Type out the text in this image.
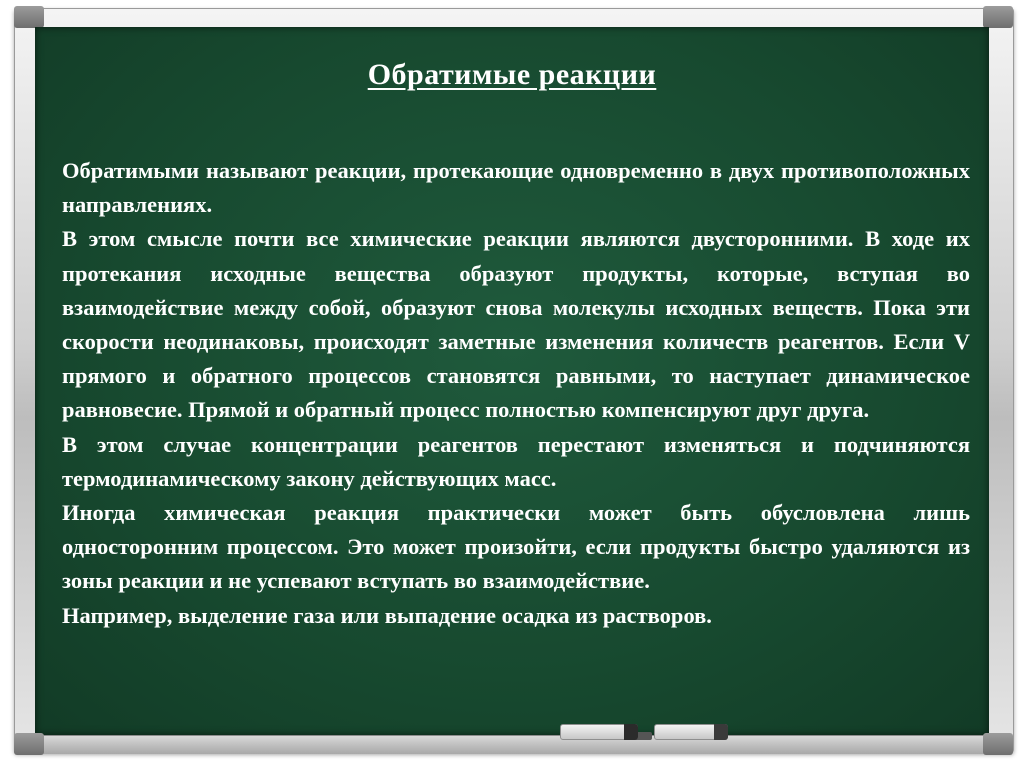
Обратимые реакции

Обратимыми называют реакции, протекающие одновременно в двух противоположных направлениях.

В этом смысле почти все химические реакции являются двусторонними. В ходе их протекания исходные вещества образуют продукты, которые, вступая во взаимодействие между собой, образуют снова молекулы исходных веществ. Пока эти скорости неодинаковы, происходят заметные изменения количеств реагентов. Если V прямого и обратного процессов становятся равными, то наступает динамическое равновесие. Прямой и обратный процесс полностью компенсируют друг друга.

В этом случае концентрации реагентов перестают изменяться и подчиняются термодинамическому закону действующих масс.

Иногда химическая реакция практически может быть обусловлена лишь односторонним процессом. Это может произойти, если продукты быстро удаляются из зоны реакции и не успевают вступать во взаимодействие.

Например, выделение газа или выпадение осадка из растворов.
